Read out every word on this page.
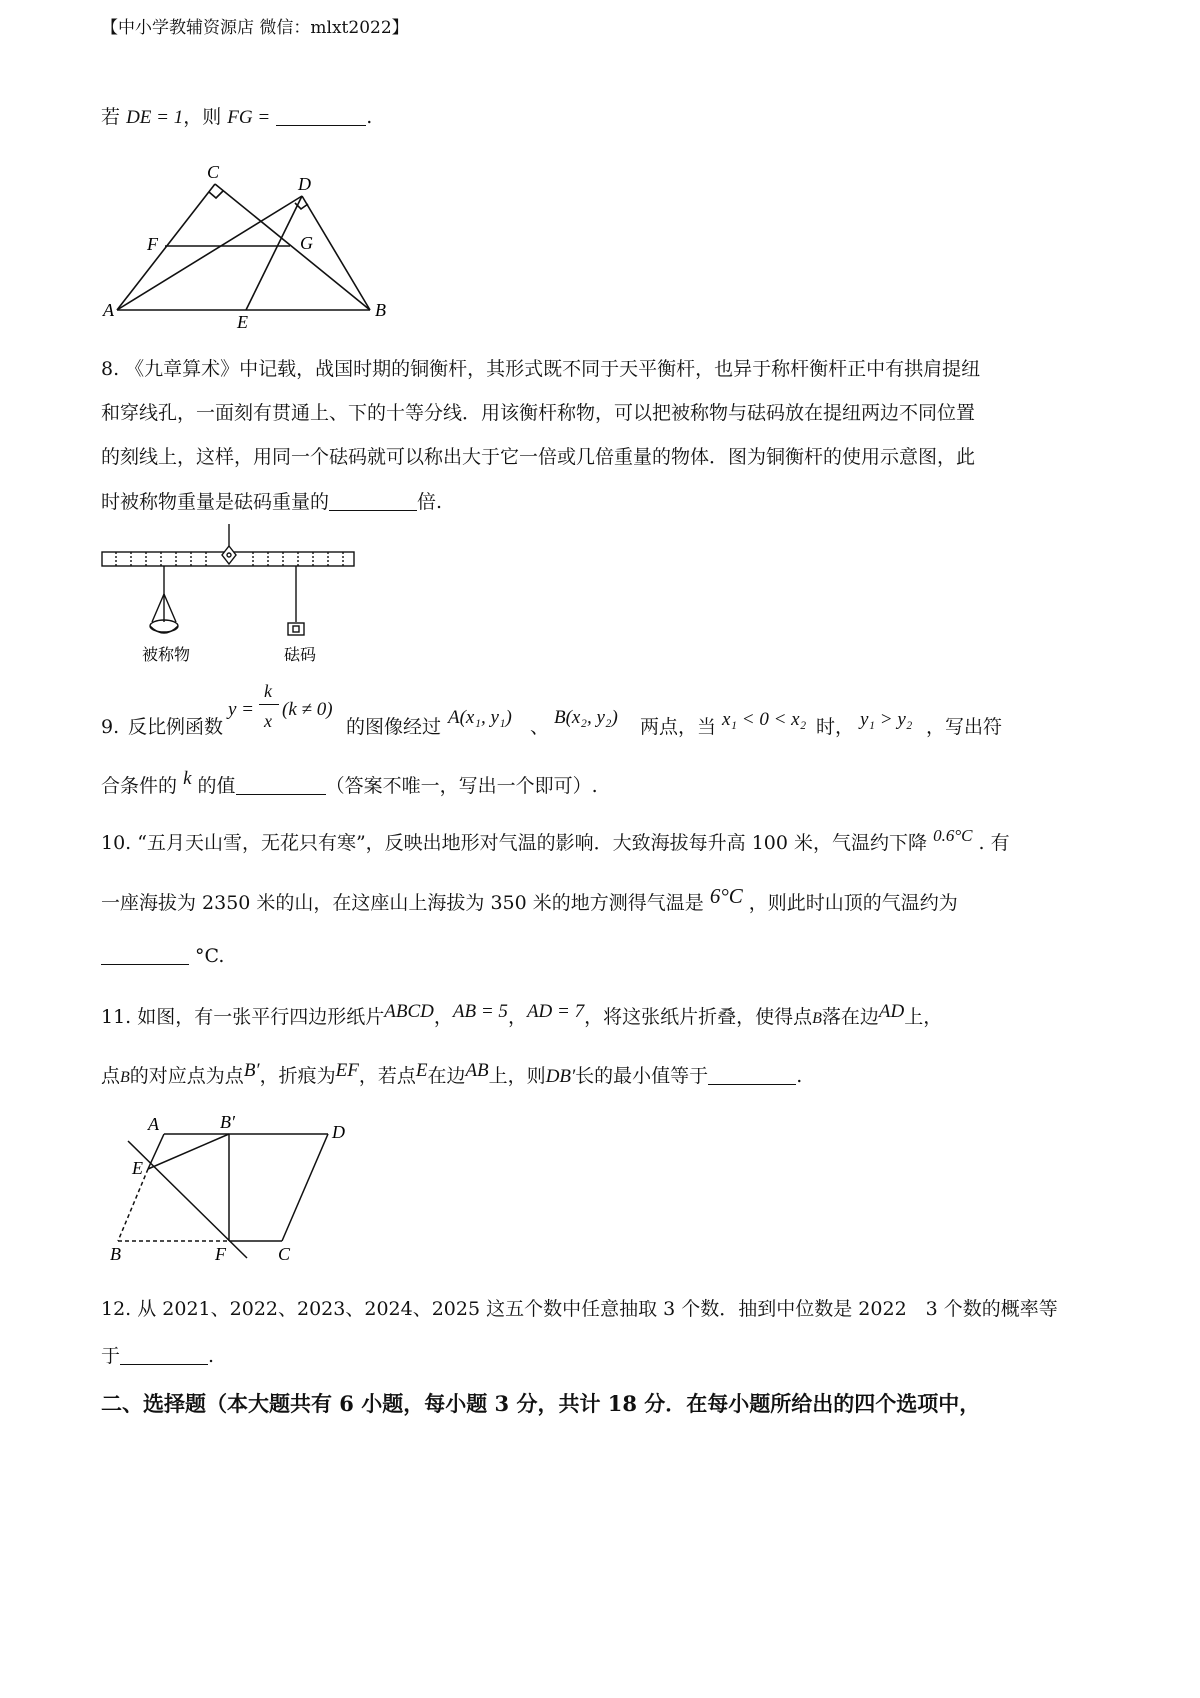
【中小学教辅资源店 微信：mlxt2022】
若 DE = 1，则 FG =	.
C
D
F	G
A
E
B
8. 《九章算术》中记载，战国时期的铜衡杆，其形式既不同于天平衡杆，也异于称杆衡杆正中有拱肩提纽
和穿线孔，一面刻有贯通上、下的十等分线．用该衡杆称物，可以把被称物与砝码放在提纽两边不同位置
的刻线上，这样，用同一个砝码就可以称出大于它一倍或几倍重量的物体．图为铜衡杆的使用示意图，此
时被称物重量是砝码重量的	倍.
被称物	砝码
9. 反比例函数
y =
k
x
(k ≠ 0)
的图像经过 A(x₁, y₁) 、 B(x₂, y₂) 两点，当 x₁ < 0 < x₂ 时， y₁ > y₂ ，写出符
合条件的 k 的值	（答案不唯一，写出一个即可）.
10. “五月天山雪，无花只有寒”，反映出地形对气温的影响．大致海拔每升高 100 米，气温约下降 0.6°C . 有
一座海拔为 2350 米的山，在这座山上海拔为 350 米的地方测得气温是 6°C ，则此时山顶的气温约为
°C.
11. 如图，有一张平行四边形纸片ABCD，AB = 5，AD = 7，将这张纸片折叠，使得点B落在边AD上，
点B的对应点为点B′，折痕为EF，若点E在边AB上，则DB′长的最小值等于	.
A	B′	D
E
B	F	C
12. 从 2021、2022、2023、2024、2025 这五个数中任意抽取 3 个数．抽到中位数是 2022　3 个数的概率等
于	.
二、选择题（本大题共有 6 小题，每小题 3 分，共计 18 分．在每小题所给出的四个选项中，
